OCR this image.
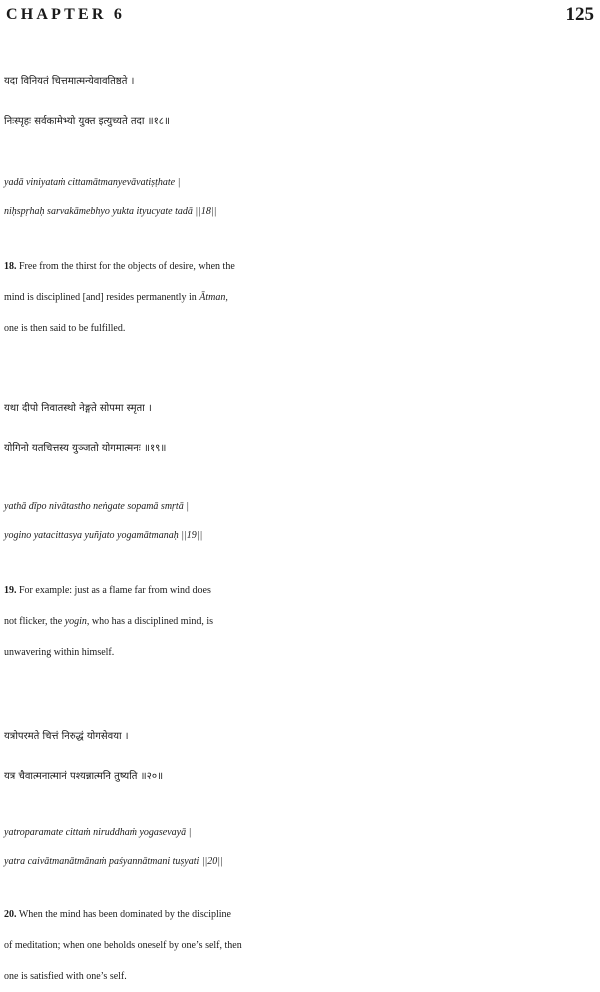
CHAPTER 6	125
यदा विनियतं चित्तमात्मन्येवावतिष्ठते ।
निःस्पृहः सर्वकामेभ्यो युक्त इत्युच्यते तदा ॥१८॥
yadā viniyataṁ cittamātmanyevāvatiṣṭhate |
niḥspṛhaḥ sarvakāmebhyo yukta ityucyate tadā ||18||
18. Free from the thirst for the objects of desire, when the
mind is disciplined [and] resides permanently in Ātman,
one is then said to be fulfilled.
यथा दीपो निवातस्थो नेङ्गते सोपमा स्मृता ।
योगिनो यतचित्तस्य युञ्जतो योगमात्मनः ॥१९॥
yathā dīpo nivātastho neṅgate sopamā smṛtā |
yogino yatacittasya yuñjato yogamātmanaḥ ||19||
19. For example: just as a flame far from wind does
not flicker, the yogin, who has a disciplined mind, is
unwavering within himself.
यत्रोपरमते चित्तं निरुद्धं योगसेवया ।
यत्र चैवात्मनात्मानं पश्यन्नात्मनि तुष्यति ॥२०॥
yatroparamate cittaṁ niruddhaṁ yogasevayā |
yatra caivātmanātmānaṁ paśyannātmani tuṣyati ||20||
20. When the mind has been dominated by the discipline
of meditation; when one beholds oneself by one’s self, then
one is satisfied with one’s self.
